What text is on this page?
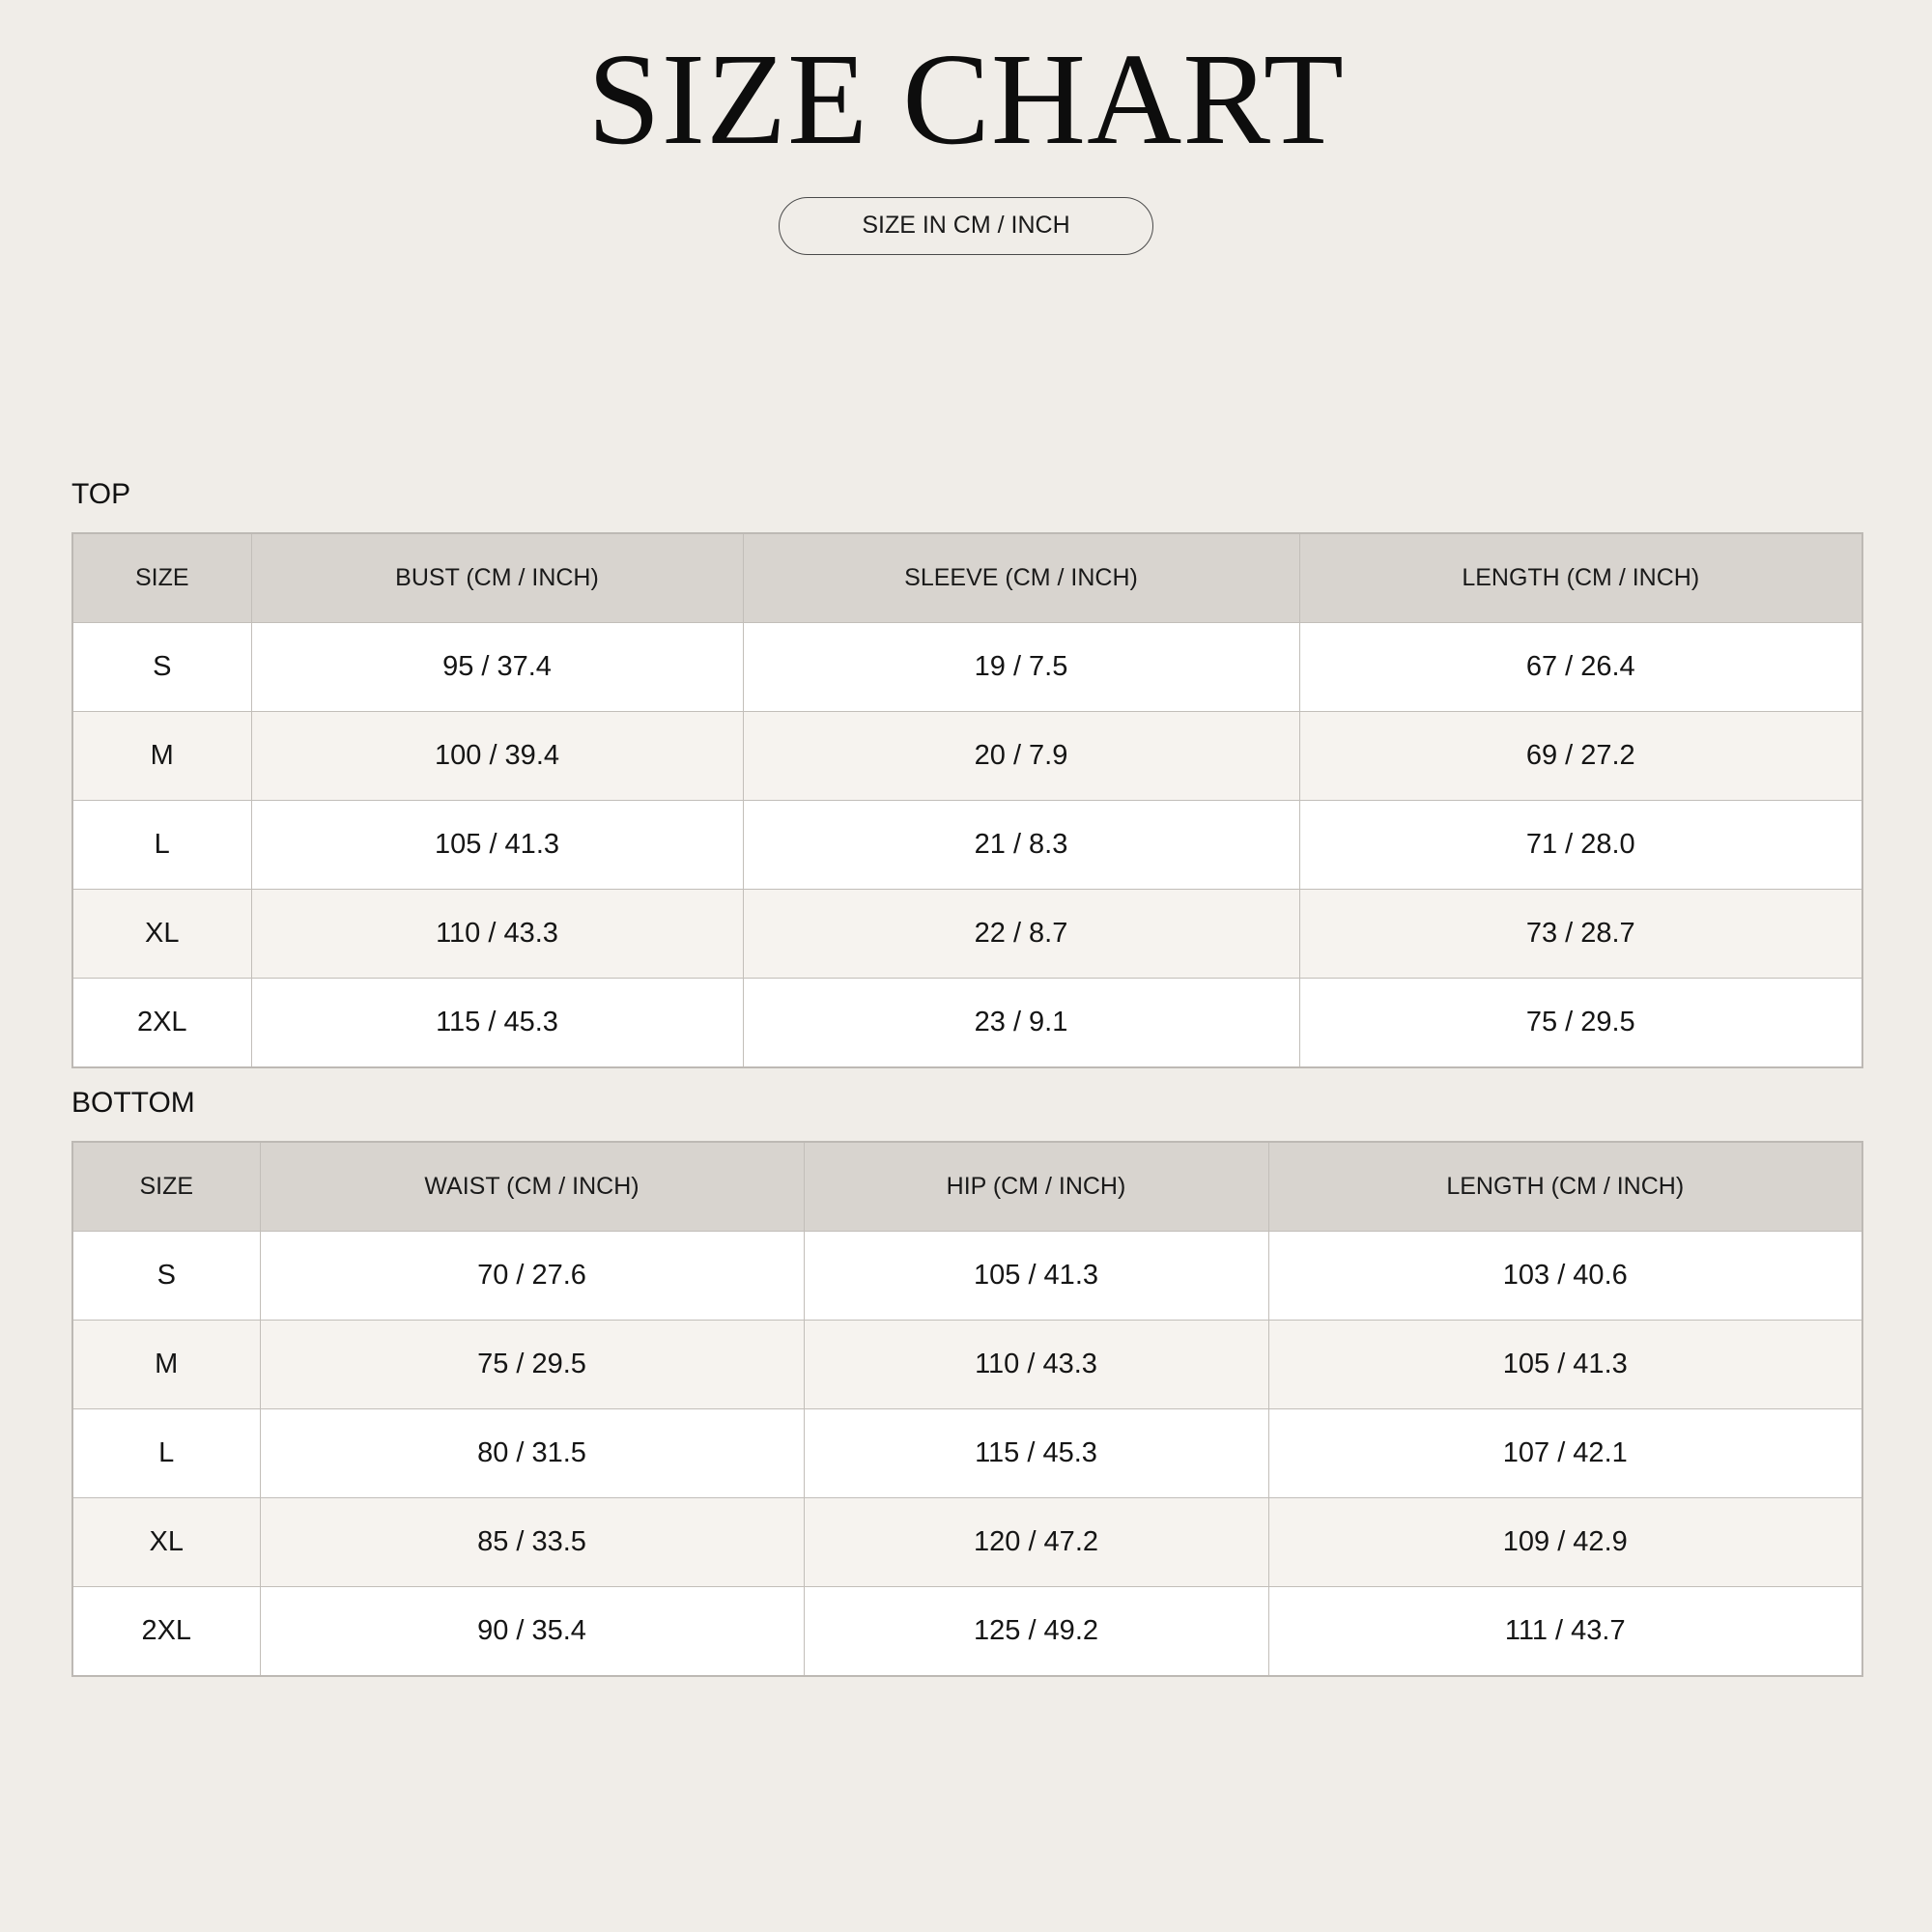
SIZE CHART
SIZE IN CM / INCH
TOP
SIZE	BUST (CM / INCH)	SLEEVE (CM / INCH)	LENGTH (CM / INCH)
S	95 / 37.4	19 / 7.5	67 / 26.4
M	100 / 39.4	20 / 7.9	69 / 27.2
L	105 / 41.3	21 / 8.3	71 / 28.0
XL	110 / 43.3	22 / 8.7	73 / 28.7
2XL	115 / 45.3	23 / 9.1	75 / 29.5
BOTTOM
SIZE	WAIST (CM / INCH)	HIP (CM / INCH)	LENGTH (CM / INCH)
S	70 / 27.6	105 / 41.3	103 / 40.6
M	75 / 29.5	110 / 43.3	105 / 41.3
L	80 / 31.5	115 / 45.3	107 / 42.1
XL	85 / 33.5	120 / 47.2	109 / 42.9
2XL	90 / 35.4	125 / 49.2	111 / 43.7
